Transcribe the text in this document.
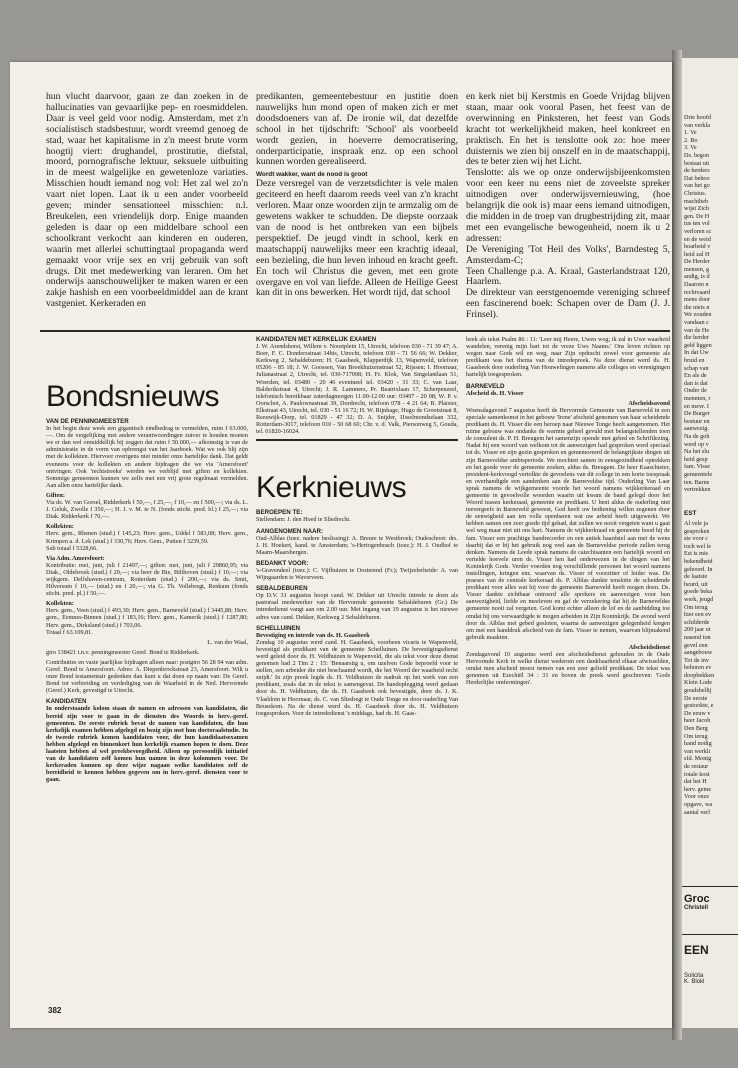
hun vlucht daarvoor, gaan ze dan zoeken in de hallucinaties van gevaarlijke pep- en roesmiddelen. Daar is veel geld voor nodig. Amsterdam, met z'n socialistisch stadsbestuur, wordt vreemd genoeg de stad, waar het kapitalisme in z'n meest brute vorm hoogtij viert: drughandel, prostitutie, diefstal, moord, pornografische lektuur, seksuele uitbuiting in de meest walgelijke en gewetenloze variaties. Misschien houdt iemand nog vol: Het zal wel zo'n vaart niet lopen. Laat ik u een ander voorbeeld geven; minder sensationeel misschien: n.l. Breukelen, een vriendelijk dorp. Enige maanden geleden is daar op een middelbare school een schoolkrant verkocht aan kinderen en ouderen, waarin met allerlei schuttingtaal propaganda werd gemaakt voor vrije sex en vrij gebruik van soft drugs. Dit met medewerking van leraren. Om het onderwijs aanschouwelijker te maken waren er een zakje hashish en een voorbeeldmiddel aan de krant vastgeniet. Kerkeraden en

predikanten, gemeentebestuur en justitie doen nauwelijks hun mond open of maken zich er met doodsdoeners van af. De ironie wil, dat dezelfde school in het tijdschrift: 'School' als voorbeeld wordt gezien, in hoeverre democratisering, onderparticipatie, inspraak enz. op een school kunnen worden gerealiseerd.

Wordt wakker, want de nood is groot

Deze versregel van de verzetsdichter is vele malen geciteerd en heeft daarom reeds veel van z'n kracht verloren. Maar onze woorden zijn te armzalig om de gewetens wakker te schudden. De diepste oorzaak van de nood is het ontbreken van een bijbels perspektief. De jeugd vindt in school, kerk en maatschappij nauwelijks meer een krachtig ideaal, een bezieling, die hun leven inhoud en kracht geeft. En toch wil Christus die geven, met een grote overgave en vol van liefde. Alleen de Heilige Geest kan dit in ons bewerken. Het wordt tijd, dat school

en kerk niet bij Kerstmis en Goede Vrijdag blijven staan, maar ook vooral Pasen, het feest van de overwinning en Pinksteren, het feest van Gods kracht tot werkelijkheid maken, heel konkreet en praktisch. En het is tenslotte ook zo: hoe meer duisternis we zien bij onszelf en in de maatschappij, des te beter zien wij het Licht.

Tenslotte: als we op onze onderwijsbijeenkomsten voor een keer nu eens niet de zoveelste spreker uitnodigen over onderwijsvernieuwing, (hoe belangrijk die ook is) maar eens iemand uitnodigen, die midden in de troep van drugbestrijding zit, maar met een evangelische bewogenheid, noem ik u 2 adressen:

De Vereniging 'Tot Heil des Volks', Barndesteg 5, Amsterdam-C;

Teen Challenge p.a. A. Kraal, Gasterlandstraat 120, Haarlem.

De direkteur van eerstgenoemde vereniging schreef een fascinerend boek: Schapen over de Dam (J. J. Frinsel).

Bondsnieuws

VAN DE PENNINGMEESTER

In het begin deze week een gigantisch eindbedrag te vermelden, ruim f 63.000,—. Om de vergelijking met andere verantwoordingen zuiver te houden moeten we er dan wel onmiddellijk bij zeggen dat ruim f 50.000,— afkomstig is van de administratie in de vorm van opbrengst van het Jaarboek. Wat we ook blij zijn met de kollekten. Hiervoor overigens niet minder onze hartelijke dank. Dat geldt eveneens voor de kollekten en andere bijdragen die we via 'Amersfoort' ontvingen. Ook 'rechtstreeks' werden we verblijd met giften en kollekten. Sommige gemeenten kunnen we zelfs met een vrij grote regelmaat vermelden. Aan allen onze hartelijke dank.

Giften:

Via ds. W. van Gorsel, Ridderkerk f 50,—, f 25,—, f 10,— en f 500,—; via ds. L. J. Geluk, Zwolle f 350,—; H. J. v. M. te N. (fonds sticht. pred. bl.) f 25,—; via Diak. Ridderkerk f 70,—.

Kollekten:

Herv. gem., Rhenen (stud.) f 145,23; Herv. gem., Uddel f 583,08; Herv. gem., Krimpen a. d. Lek (stud.) f 330,76; Herv. Gem., Putten f 3239,59.

Sub totaal f 5328,66.

Via Adm. Amersfoort:

Kontributie: mei, juni, juli f 21497,—; giften: mei, juni, juli f 29860,95; via Diak., Oldebroek (stud.) f 20,—; via heer de Bie, Bilthoven (stud.) f 10,—; via wijkgem. Delfshaven-centrum, Rotterdam (stud.) f 200,—; via ds. Smit, Hilversum f 10,— (stud.) en f 20,—; via G. Th. Vollebregt, Renkum (fonds sticht. pred. pl.) f 50,—.

Kollekten:

Herv. gem., Veen (stud.) f 493,30; Herv. gem., Barneveld (stud.) f 3445,88; Herv. gem., Eemnes-Binnen (stud.) f 183,16; Herv. gem., Kamerik (stud.) f 1287,80; Herv. gem., Dirksland (stud.) f 703,06.

Totaal f 63.109,81.

L. van der Waal,

giro 138421 t.n.v. penningmeester Geref. Bond te Ridderkerk.

Contributies en vaste jaarlijkse bijdragen alleen naar: postgiro 56 28 94 van adm. Geref. Bond te Amersfoort. Adres: A. Diepenbrockstraat 23, Amersfoort. Wilt u onze Bond testamentair gedenken dan kunt u dat doen op naam van: De Geref. Bond tot verbreiding en verdediging van de Waarheid in de Ned. Hervormde (Geref.) Kerk, gevestigd te Utrecht.

KANDIDATEN

In onderstaande kolom staan de namen en adressen van kandidaten, die bereid zijn voor te gaan in de diensten des Woords in herv.-geref. gemeenten. De eerste rubriek bevat de namen van kandidaten, die hun kerkelijk examen hebben afgelegd en bezig zijn met hun doctoraalstudie. In de tweede rubriek komen kandidaten voor, die hun kandidaatsexamen hebben afgelegd en binnenkort hun kerkelijk examen hopen te doen. Deze laatsten hebben al wel preekbevoegdheid. Alleen op persoonlijk initiatief van de kandidaten zelf komen hun namen in deze kolommen voor. De kerkeraden kunnen op deze wijze nagaan welke kandidaten zelf de bereidheid te kennen hebben gegeven om in herv.-geref. diensten voor te gaan.

KANDIDATEN MET KERKELIJK EXAMEN

J. W. Arendshorst, Willem v. Noortplein 15, Utrecht, telefoon 030 - 71 39 47; A. Boer, F. C. Dondersstraat 34bis, Utrecht, telefoon 030 - 71 56 66; W. Dekker, Kerkweg 2, Sebaldeburen; H. Gaasbeek, Klapperdijk 13, Wapenveld, telefoon 05206 - 85 18; J. W. Goossen, Van Broekhuizenstraat 52, Rijssen; I. Hoornaar, Julianastraat 2, Utrecht, tel. 030-717098; H. Fr. Klok, Van Singelantlaan 51, Woerden, tel. 03480 - 20 46 eventueel tel. 03420 - 31 33; C. van Laar, Balderikstraat 4, Utrecht; J. R. Lammers, Pr. Beatrixlaan 17, Scherpenzeel, telefonisch bereikbaar zaterdagmorgen 11.00-12.00 uur: 03497 - 20 08; W. P. v. Oorschot, A. Paulownastraat 39, Dordrecht, telefoon 078 - 4 21 64; B. Plaisier, Elkstraat 43, Utrecht, tel. 030 - 51 16 72; H. W. Rijnhage, Hugo de Grootstraat 8, Reeuwijk-Dorp, tel. 01829 - 47 32; D. A. Snijder, IJsselmondselaan 332, Rotterdam-3017, telefoon 010 - 50 68 60; Chr. v. d. Valk, Piersonweg 5, Gouda, tel. 01820-16024.

Kerknieuws

BEROEPEN TE:

Stellendam: J. den Hoed te Sliedrecht.

AANGENOMEN NAAR:

Oud-Alblas (toez. nadere beslissing): A. Breure te Westbroek; Oudeschoot: drs. J. H. Hoekert, kand. te Amsterdam; 's-Hertogenbosch (toez.): H. J. Oudhof te Maarn-Maarsbergen.

BEDANKT VOOR:

's-Gravendeel (toez.): C. Vijfhuizen te Oosterend (Fr.); Twijzelerheide: A. van Wijngaarden te Waverveen.

SEBALDEBUREN

Op D.V. 31 augustus hoopt cand. W. Dekker uit Utrecht intrede te doen als pastoraal medewerker van de Hervormde gemeente Sebaldeburen (Gr.) De intrededienst vangt aan om 2.00 uur. Met ingang van 19 augustus is het nieuwe adres van cand. Dekker, Kerkweg 2 Sebaldeburen.

SCHELLUINEN

Bevestiging en intrede van ds. H. Gaasbeek

Zondag 10 augustus werd cand. H. Gaasbeek, voorheen vicaris te Wapenveld, bevestigd als predikant van de gemeente Schelluinen. De bevestigingsdienst werd geleid door ds. H. Veldhuizen te Wapenveld, die als tekst voor deze dienst genomen had 2 Tim 2 : 15: 'Benaarstig u, om uzelven Gode beproefd voor te stellen, een arbeider die niet beschaamd wordt, die het Woord der waarheid recht snijdt.' In zijn preek legde ds. H. Veldhuizen de nadruk op het werk van een predikant, zoals dat in de tekst is samengevat. De handoplegging werd gedaan door ds. H. Veldhuizen, die ds. H. Gaasbeek ook bevestigde, door ds. J. K. Vlasblom te Hoornaar, ds. C. van Sliedregt te Oude Tonge en door ouderling Van Beusekom. Na de dienst werd ds. H. Gaasbeek door ds. H. Veldhuizen toegesproken. Voor de intrededienst 's middags, had ds. H. Gaas-

beek als tekst Psalm 86 : 11: 'Leer mij Heere, Uwen weg; ik zal in Uwe waarheid wandelen, verenig mijn hart tot de vreze Uws Naams.' Ons leven richten op wegen naar Gods wil en weg, naar Zijn opdracht zowel voor gemeente als predikant was het thema van de intredepreek. Na deze dienst werd ds. H. Gaasbeek door ouderling Van Houwelingen namens alle colleges en verenigingen hartelijk toegesproken.

BARNEVELD

Afscheid ds. H. Visser

Afscheidsavond

Woensdagavond 7 augustus heeft de Hervormde Gemeente van Barneveld in een speciale samenkomst in het gebouw 'Irene' afscheid genomen van haar scheidende predikant ds. H. Visser die een beroep naar Nieuwe Tonge heeft aangenomen. Het ruime gebouw was ondanks de warmte geheel gevuld met belangstellenden toen de consulent ds. P. H. Breugem het samenzijn opende met gebed en Schriftlezing. Nadat hij een woord van welkom tot de aanwezigen had gesproken werd speciaal tot ds. Visser en zijn gezin gesproken en gememoreerd de belangrijkste dingen uit zijn Barneveldse ambtsperiode. We mochten samen in eensgezindheid optrekken en het goede voor de gemeente zoeken, aldus ds. Breugem. De heer Kaaschieter, president-kerkvoogd vertolkte de gevoelens van dit college in een korte toespraak en overhandigde een aandenken aan de Barneveldse tijd. Ouderling Van Laar sprak namens de wijkgemeente voorde het woord namens wijkkerkeraad en gemeente in gevoelvolle woorden waarin uit kwam de band gelegd door het Woord tussen kerkeraad, gemeente en predikant. U bent aldus de ouderling niet teevergeefs in Barneveld geweest, God heeft uw bediening willen zegenen door de eenwigheid aan ten volle openbaren wat uw arbeid heeft uitgewerkt. We hebben samen een zeer goede tijd gehad, dat zullen we nooit vergeten want u gaat wel weg maar niet uit ons hart. Namens de wijkkerkraad en gemeente bood hij de fam. Visser een prachtige bandrecorder en een antiek haardstel aan met de wens daarbij dat er bij het gebruik nog veel aan de Barneveldse periode zullen terug denken. Namens de Leede sprak namens de catechisanten een hartelijk woord en vertelde hoevele uren ds. Visser hen had onderwezen in de dingen van het Koninkrijk Gods. Verder voerden nog verschillende personen het woord namens instellingen, kringen enz. waarvan ds. Visser of voorzitter of leider was. De praeses van de centrale kerkeraad ds. P. Alblas dankte tenslotte de scheidende predikant voor alles wat hij voor de gemeente Barneveld heeft mogen doen. Ds. Visser dankte zichtbaar ontroerd alle sprekers en aanwezigen voor hun aanwezigheid, liefde en meeleven en gaf de verzekering dat hij de Barneveldse gemeente nooit zal vergeten. God komt echter alleen de lof en de aanbidding toe omdat hij ons verwaardigde te mogen arbeiden in Zijn Koninkrijk. De avond werd door ds. Alblas met gebed gesloten, waarna de aanwezigen gelegenheid kregen om met een handdruk afscheid van de fam. Visser te nemen, waarvan blijmakend gebruik maakten.

Afscheidsdienst

Zondagavond 10 augustus werd een afscheidsdienst gehouden in de Oude Hervormde Kerk in welke dienst wederom een dankbaarheid elkaar afwisselden, omdat men afscheid moest nemen van een zeer geliefd predikant. De tekst was genomen uit Ezechiël 34 : 31 en boven de preek werd geschreven: 'Gods Herderlijke omfermingen'.

382

Drie hoofd

van verkla

1. Ve

2. Bo

3. Ve

Ds. begon

bestaat uit

de herders

Dat behoo

van het go

Christus.

machtheb

wijst Zich

gen. De H

tus ten vol

verloren sc

en de weid

hoarbeid v

heid zal H

De Herder

mensen, g

andig, is d

Daarom n

rechtvaard

mens door

die niets n

We zouden

vandaan c

van de He

die herder

geld liggen

In dat Uw

bruid en

schap van

En als de

dan is dat

Onder de

mennten, r

en mevr. I

De Burger

bestuur en

aanwezig.

Na de goh

werd op v

Na het slu

heid gesp

fam. Visse

gemeentele

ten. Barne

vertrekken

EST

Al vele ja

gesproken

ste voor c

toch wel le

Est is mis

bekendheid

gehoord. In

de laatste

heurd, uit

goede beka

werk, jeugd

Om terug

hier een ev

schilderde

200 jaar ot

nasend ton

gevel een

aangebouw

Tot de inv

behoren ev

doopbekken

Klein Lode

goudsbellij

De eerste

gestookte, e

De eeuw v

heer Jacob

Den Berg

Om terug

hand nodig

van werkli

sfd. Montg

de restaur

totale kost

dat het H

herv. geme

Voor onze

opgave, wa

aantal verl

Groc
Christell
EEN
Solicita
K. Blokl
